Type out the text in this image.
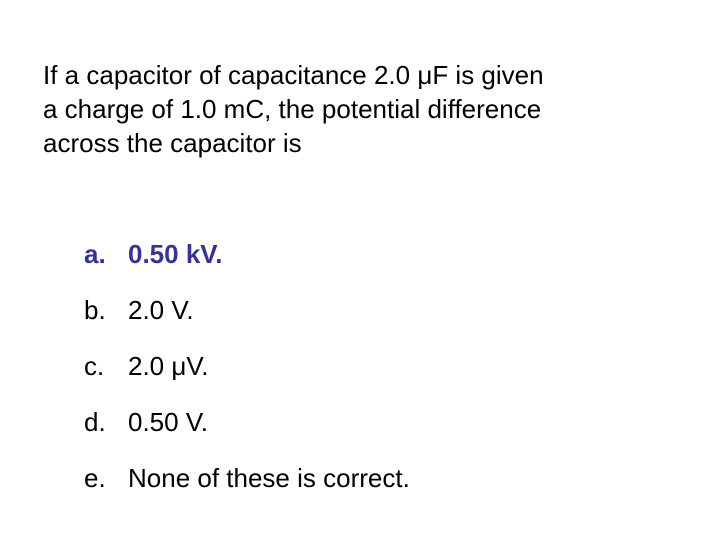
If a capacitor of capacitance 2.0 μF is given
a charge of 1.0 mC, the potential difference
across the capacitor is

a. 0.50 kV.
b. 2.0 V.
c. 2.0 μV.
d. 0.50 V.
e. None of these is correct.
